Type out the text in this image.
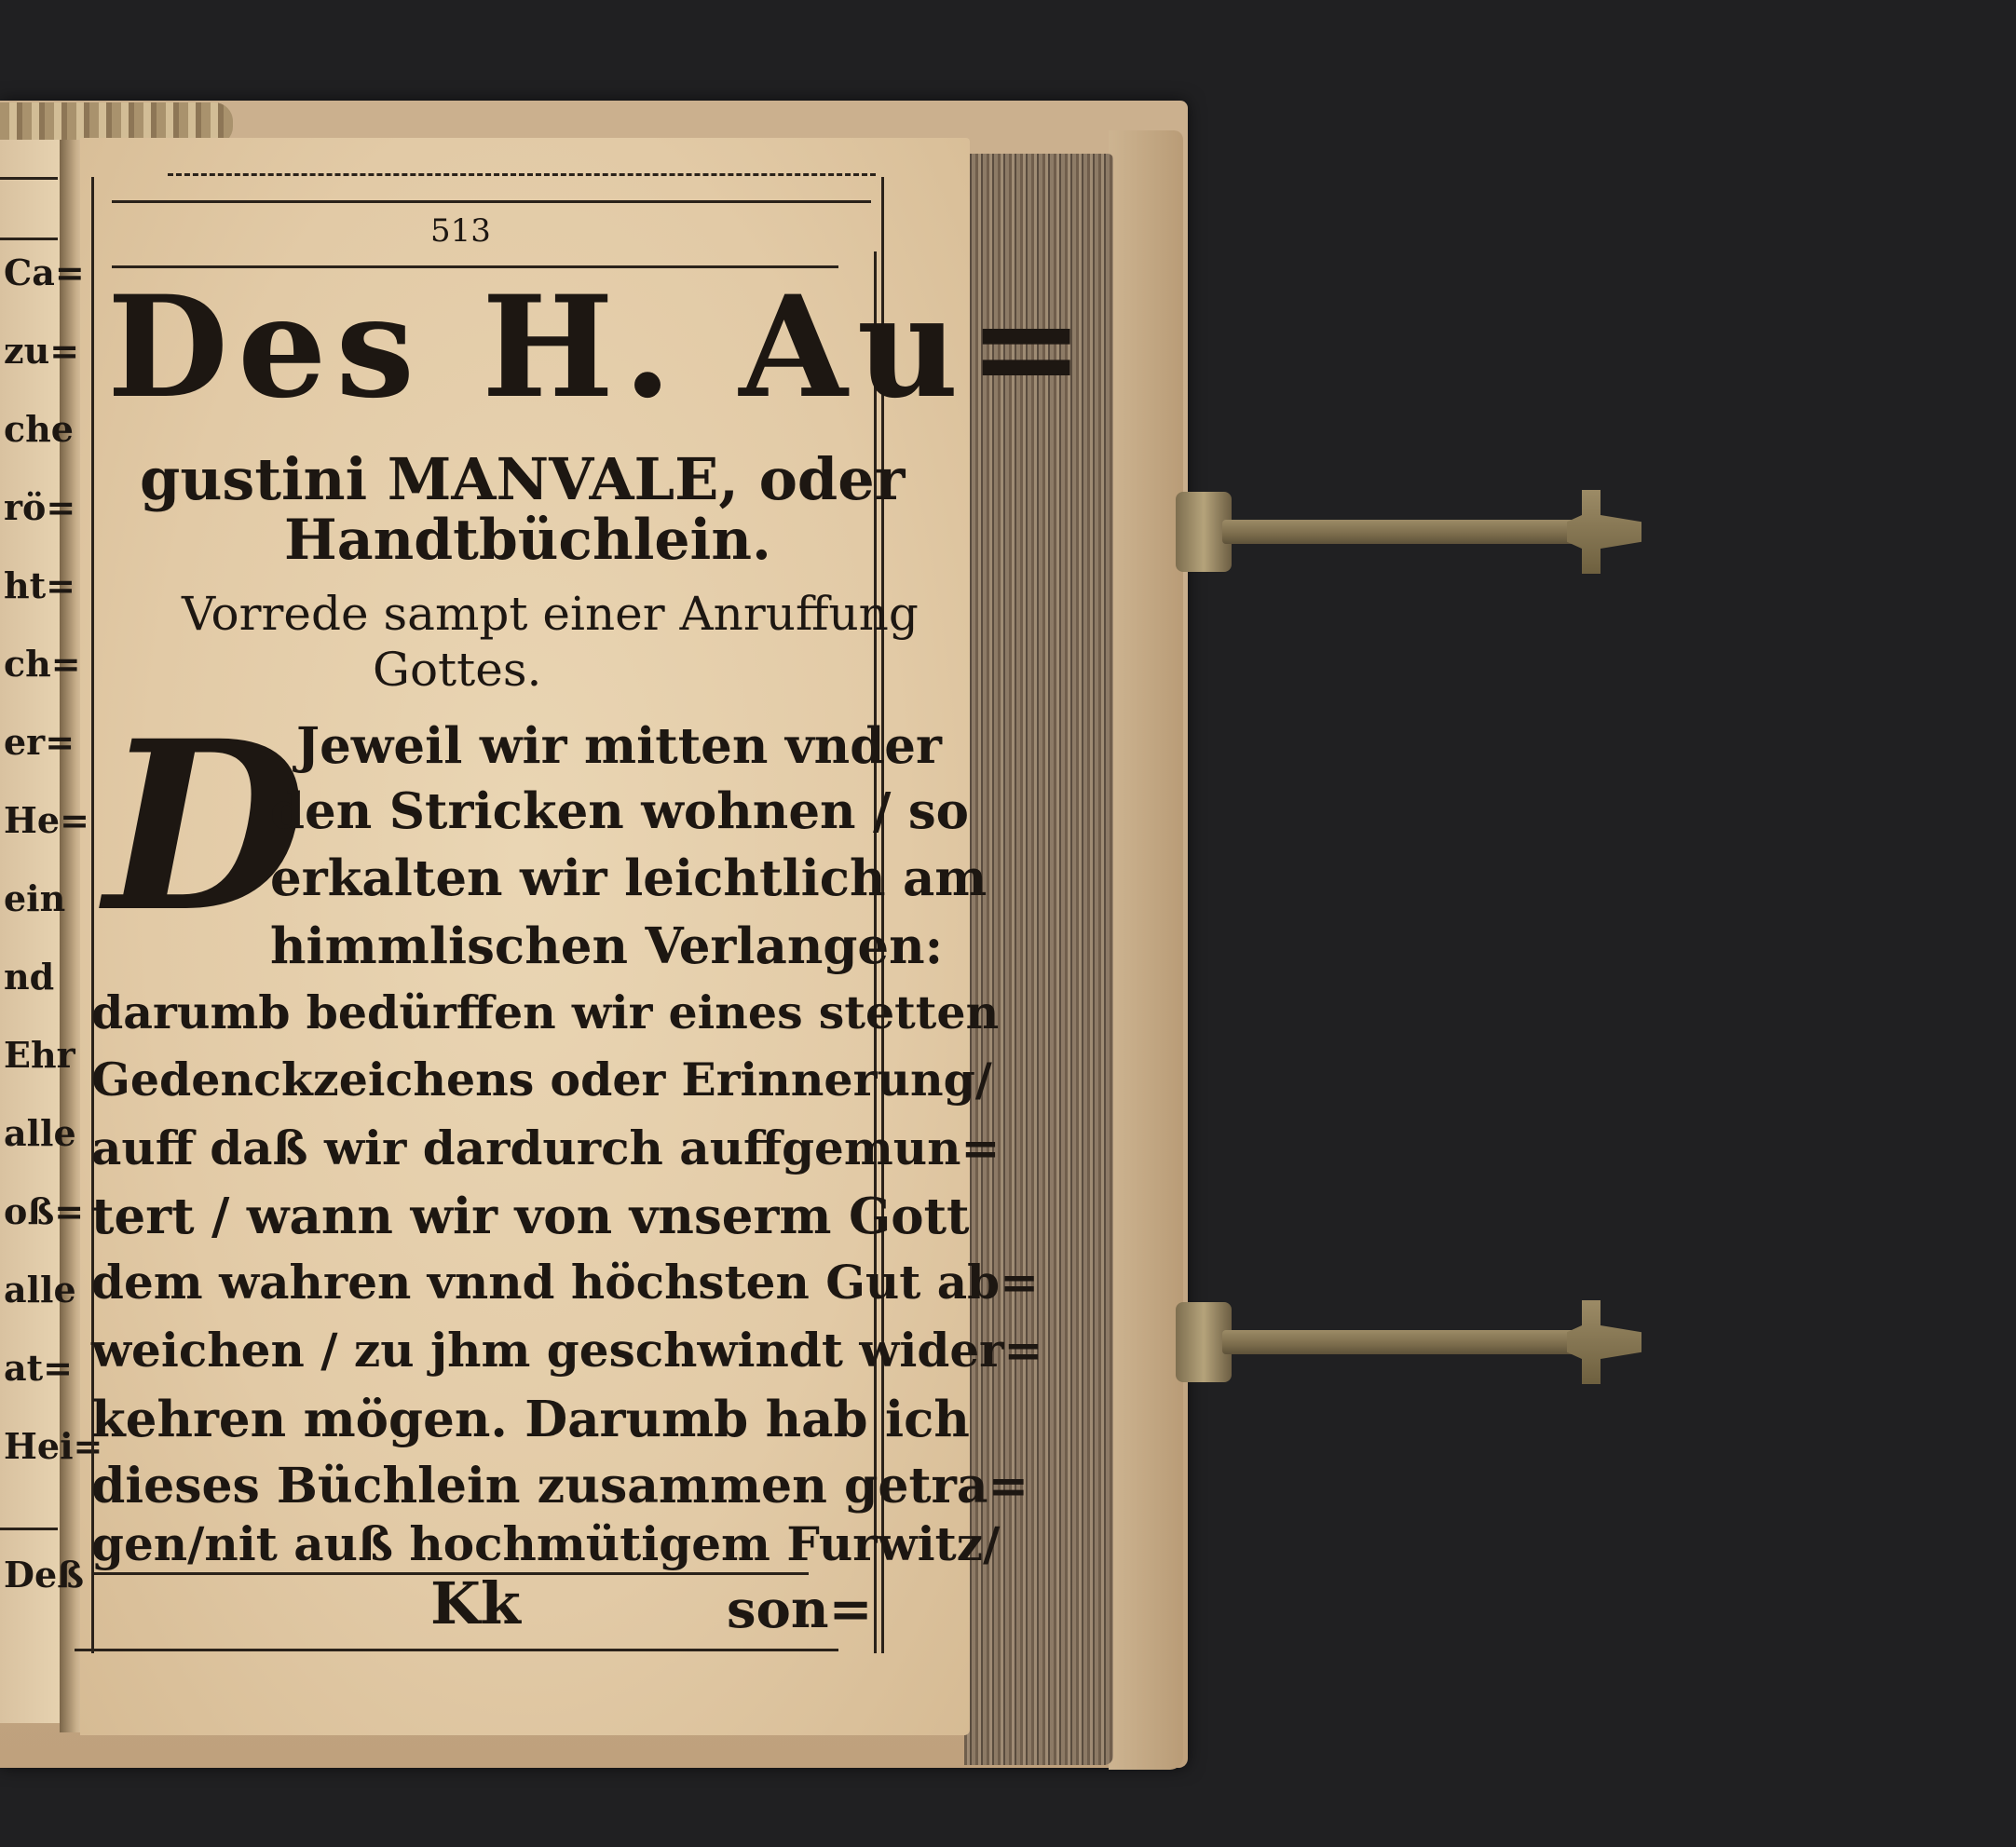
Ca=
zu=
che
rö=
ht=
ch=
er=
He=
ein
nd
Ehr
alle
oß=
alle
at=
Hei=
Deß
513
Des H. Au=
gustini MANVALE, oder
Handtbüchlein.
Vorrede sampt einer Anruffung
Gottes.
D
Jeweil wir mitten vnder
den Stricken wohnen / so
erkalten wir leichtlich am
himmlischen Verlangen:
darumb bedürffen wir eines stetten
Gedenckzeichens oder Erinnerung/
auff daß wir dardurch auffgemun=
tert / wann wir von vnserm Gott
dem wahren vnnd höchsten Gut ab=
weichen / zu jhm geschwindt wider=
kehren mögen. Darumb hab ich
dieses Büchlein zusammen getra=
gen/nit auß hochmütigem Furwitz/
Kk	son=
